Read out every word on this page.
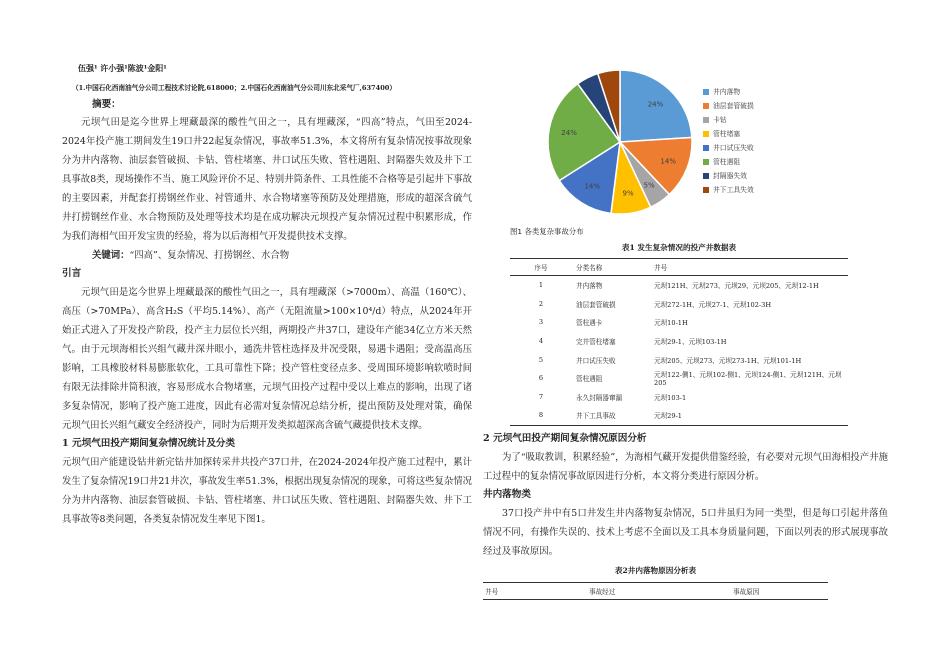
伍强¹ 许小强¹陈波¹金阳¹
（1.中国石化西南油气分公司工程技术讨论院,618000；2.中国石化西南油气分公司川东北采气厂,637400）
摘要：

元坝气田是迄今世界上埋藏最深的酸性气田之一，具有埋藏深，“四高”特点，气田至2024-2024年投产施工期间发生19口井22起复杂情况，事故率51.3%，本文将所有复杂情况按事故现象分为井内落物、油层套管破损、卡钻、管柱堵塞、井口试压失败、管柱遇阻、封隔器失效及井下工具事故8类，现场操作不当、施工风险评价不足、特别井筒条件、工具性能不合格等是引起井下事故的主要因素，并配套打捞钢丝作业、衬管通井、水合物堵塞等预防及处理措施，形成的超深含硫气井打捞钢丝作业、水合物预防及处理等技术均是在成功解决元坝投产复杂情况过程中积累形成，作为我们海相气田开发宝贵的经验，将为以后海相气开发提供技术支撑。

关键词：“四高”、复杂情况、打捞钢丝、水合物

引言

元坝气田是迄今世界上埋藏最深的酸性气田之一，具有埋藏深（>7000m）、高温（160℃）、高压（>70MPa）、高含H₂S（平均5.14%）、高产（无阻流量>100×10⁴/d）特点，从2024年开始正式进入了开发投产阶段，投产主力层位长兴组，两期投产井37口，建设年产能34亿立方米天然气。由于元坝海相长兴组气藏井深井眼小，通洗井管柱选择及井况受限，易遇卡遇阻；受高温高压影响，工具橡胶材料易膨胀软化，工具可靠性下降；投产管柱变径点多、受周围环境影响软喷时间有限无法排除井筒积液，容易形成水合物堵塞，元坝气田投产过程中受以上难点的影响，出现了诸多复杂情况，影响了投产施工进度，因此有必需对复杂情况总结分析，提出预防及处理对策，确保元坝气田长兴组气藏安全经济投产，同时为后期开发类拟超深高含硫气藏提供技术支撑。

1 元坝气田投产期间复杂情况统计及分类

元坝气田产能建设钻井新完钻井加探转采井共投产37口井，在2024-2024年投产施工过程中，累计发生了复杂情况19口井21井次，事故发生率51.3%，根据出现复杂情况的现象，可将这些复杂情况分为井内落物、油层套管破损、卡钻、管柱堵塞、井口试压失败、管柱遇阻、封隔器失效、井下工具事故等8类问题，各类复杂情况发生率见下图1。

24%
14%
5%
9%
14%
24%
井内落物
油层套管破损
卡钻
管柱堵塞
井口试压失败
管柱遇阻
封隔器失效
井下工具失效
图1 各类复杂事故分布
表1 发生复杂情况的投产井数据表
序号	分类名称	井号
1	井内落物	元坝121H、元坝273、元坝29、元坝205、元坝12-1H
2	油层套管破损	元坝272-1H、元坝27-1、元坝102-3H
3	管柱遇卡	元坝10-1H
4	完井管柱堵塞	元坝29-1、元坝103-1H
5	井口试压失败	元坝205、元坝273、元坝273-1H、元坝101-1H
6	管柱遇阻	元坝122-侧1、元坝102-侧1、元坝124-侧1、元坝121H、元坝205
7	永久封隔器窜漏	元坝103-1
8	井下工具事故	元坝29-1
2 元坝气田投产期间复杂情况原因分析

为了“吸取教训，积累经验”，为海相气藏开发提供借鉴经验，有必要对元坝气田海相投产井施工过程中的复杂情况事故原因进行分析，本文将分类进行原因分析。

井内落物类

37口投产井中有5口井发生井内落物复杂情况，5口井虽归为同一类型，但是每口引起井落鱼情况不同，有操作失误的、技术上考虑不全面以及工具本身质量问题，下面以列表的形式展现事故经过及事故原因。

表2井内落物原因分析表
井号	事故经过	事故原因
